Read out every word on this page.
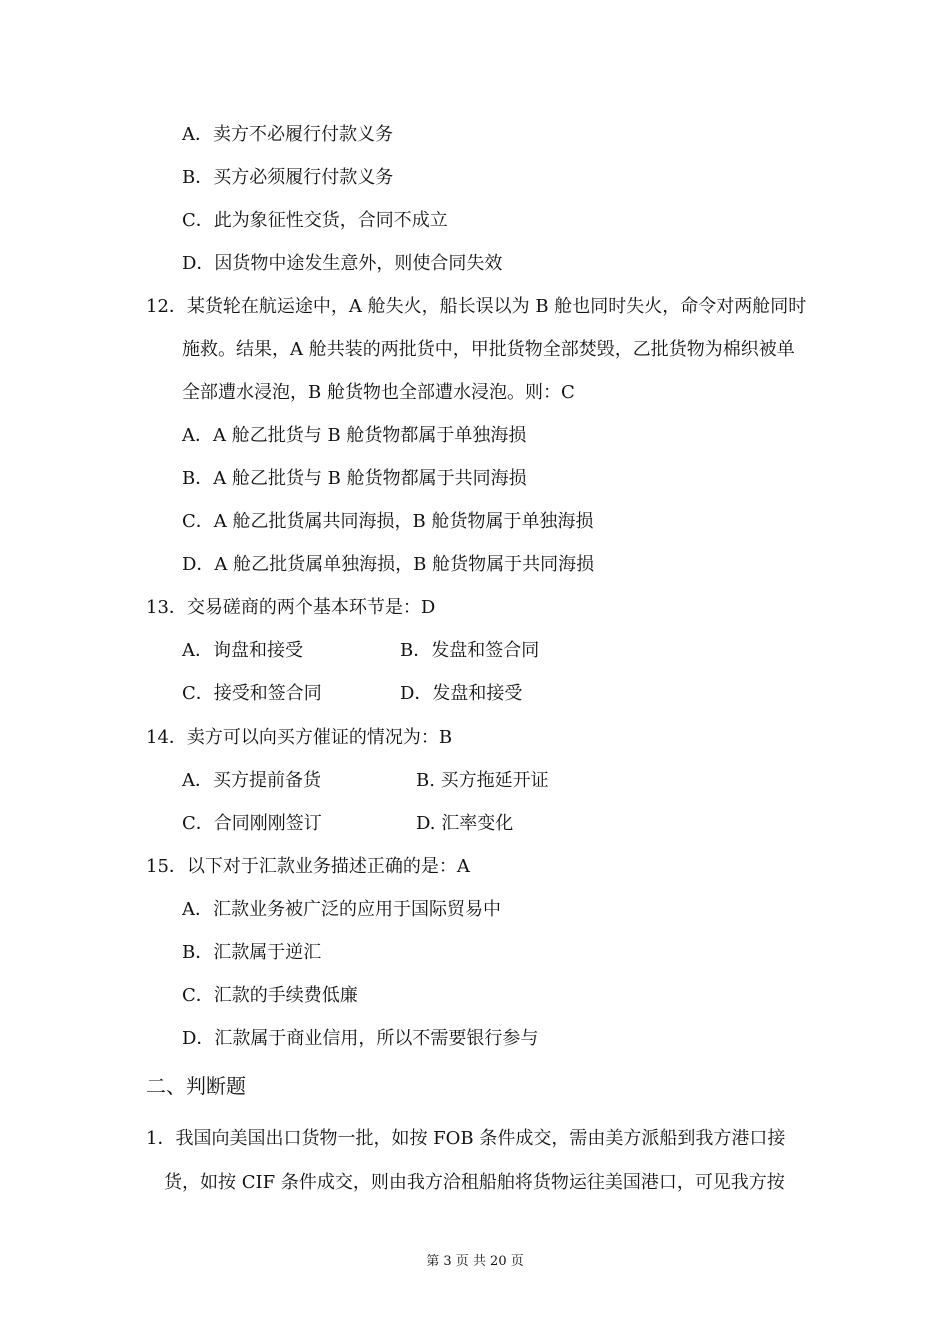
A．卖方不必履行付款义务
B．买方必须履行付款义务
C．此为象征性交货，合同不成立
D．因货物中途发生意外，则使合同失效
12．某货轮在航运途中，A 舱失火，船长误以为 B 舱也同时失火，命令对两舱同时
施救。结果，A 舱共装的两批货中，甲批货物全部焚毁，乙批货物为棉织被单
全部遭水浸泡，B 舱货物也全部遭水浸泡。则：C
A．A 舱乙批货与 B 舱货物都属于单独海损
B．A 舱乙批货与 B 舱货物都属于共同海损
C．A 舱乙批货属共同海损，B 舱货物属于单独海损
D．A 舱乙批货属单独海损，B 舱货物属于共同海损
13．交易磋商的两个基本环节是：D
A．询盘和接受	B．发盘和签合同
C．接受和签合同	D．发盘和接受
14．卖方可以向买方催证的情况为：B
A．买方提前备货	B. 买方拖延开证
C．合同刚刚签订	D. 汇率变化
15．以下对于汇款业务描述正确的是：A
A．汇款业务被广泛的应用于国际贸易中
B．汇款属于逆汇
C．汇款的手续费低廉
D．汇款属于商业信用，所以不需要银行参与
二、判断题
1．我国向美国出口货物一批，如按 FOB 条件成交，需由美方派船到我方港口接
货，如按 CIF 条件成交，则由我方洽租船舶将货物运往美国港口，可见我方按
第 3 页 共 20 页
